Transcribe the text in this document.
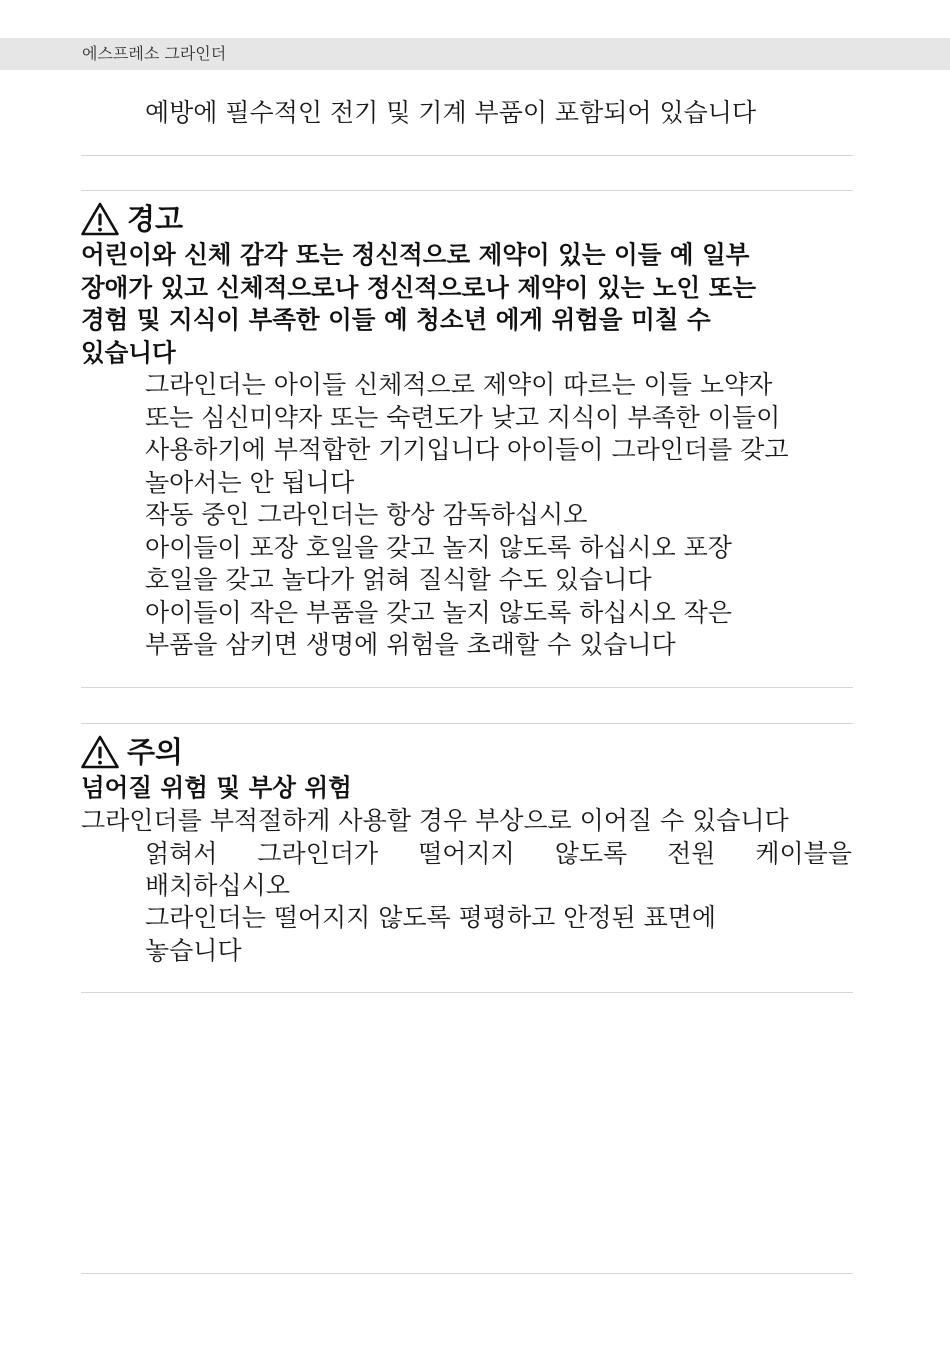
에스프레소 그라인더
예방에 필수적인 전기 및 기계 부품이 포함되어 있습니다
경고
어린이와 신체 감각 또는 정신적으로 제약이 있는 이들 예 일부
장애가 있고 신체적으로나 정신적으로나 제약이 있는 노인 또는
경험 및 지식이 부족한 이들 예 청소년 에게 위험을 미칠 수
있습니다
그라인더는 아이들 신체적으로 제약이 따르는 이들 노약자
또는 심신미약자 또는 숙련도가 낮고 지식이 부족한 이들이
사용하기에 부적합한 기기입니다 아이들이 그라인더를 갖고
놀아서는 안 됩니다
작동 중인 그라인더는 항상 감독하십시오
아이들이 포장 호일을 갖고 놀지 않도록 하십시오 포장
호일을 갖고 놀다가 얽혀 질식할 수도 있습니다
아이들이 작은 부품을 갖고 놀지 않도록 하십시오 작은
부품을 삼키면 생명에 위험을 초래할 수 있습니다
주의
넘어질 위험 및 부상 위험
그라인더를 부적절하게 사용할 경우 부상으로 이어질 수 있습니다
얽혀서 그라인더가 떨어지지 않도록 전원 케이블을
배치하십시오
그라인더는 떨어지지 않도록 평평하고 안정된 표면에
놓습니다
